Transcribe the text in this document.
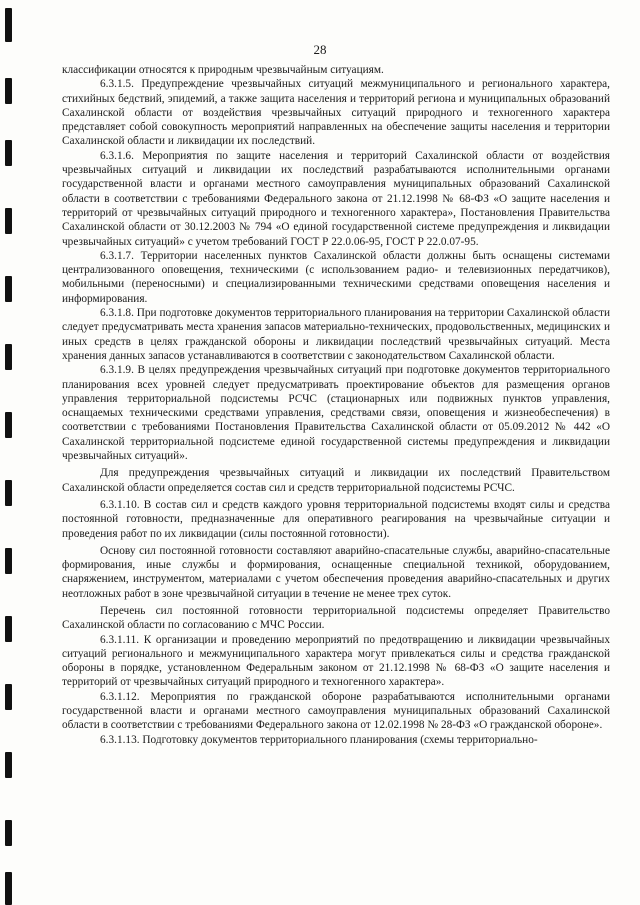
28

классификации относятся к природным чрезвычайным ситуациям.

6.3.1.5. Предупреждение чрезвычайных ситуаций межмуниципального и регионального характера, стихийных бедствий, эпидемий, а также защита населения и территорий региона и муниципальных образований Сахалинской области от воздействия чрезвычайных ситуаций природного и техногенного характера представляет собой совокупность мероприятий направленных на обеспечение защиты населения и территории Сахалинской области и ликвидации их последствий.

6.3.1.6. Мероприятия по защите населения и территорий Сахалинской области от воздействия чрезвычайных ситуаций и ликвидации их последствий разрабатываются исполнительными органами государственной власти и органами местного самоуправления муниципальных образований Сахалинской области в соответствии с требованиями Федерального закона от 21.12.1998 № 68-ФЗ «О защите населения и территорий от чрезвычайных ситуаций природного и техногенного характера», Постановления Правительства Сахалинской области от 30.12.2003 № 794 «О единой государственной системе предупреждения и ликвидации чрезвычайных ситуаций» с учетом требований ГОСТ Р 22.0.06-95, ГОСТ Р 22.0.07-95.

6.3.1.7. Территории населенных пунктов Сахалинской области должны быть оснащены системами централизованного оповещения, техническими (с использованием радио- и телевизионных передатчиков), мобильными (переносными) и специализированными техническими средствами оповещения населения и информирования.

6.3.1.8. При подготовке документов территориального планирования на территории Сахалинской области следует предусматривать места хранения запасов материально-технических, продовольственных, медицинских и иных средств в целях гражданской обороны и ликвидации последствий чрезвычайных ситуаций. Места хранения данных запасов устанавливаются в соответствии с законодательством Сахалинской области.

6.3.1.9. В целях предупреждения чрезвычайных ситуаций при подготовке документов территориального планирования всех уровней следует предусматривать проектирование объектов для размещения органов управления территориальной подсистемы РСЧС (стационарных или подвижных пунктов управления, оснащаемых техническими средствами управления, средствами связи, оповещения и жизнеобеспечения) в соответствии с требованиями Постановления Правительства Сахалинской области от 05.09.2012 № 442 «О Сахалинской территориальной подсистеме единой государственной системы предупреждения и ликвидации чрезвычайных ситуаций».

Для предупреждения чрезвычайных ситуаций и ликвидации их последствий Правительством Сахалинской области определяется состав сил и средств территориальной подсистемы РСЧС.

6.3.1.10. В состав сил и средств каждого уровня территориальной подсистемы входят силы и средства постоянной готовности, предназначенные для оперативного реагирования на чрезвычайные ситуации и проведения работ по их ликвидации (силы постоянной готовности).

Основу сил постоянной готовности составляют аварийно-спасательные службы, аварийно-спасательные формирования, иные службы и формирования, оснащенные специальной техникой, оборудованием, снаряжением, инструментом, материалами с учетом обеспечения проведения аварийно-спасательных и других неотложных работ в зоне чрезвычайной ситуации в течение не менее трех суток.

Перечень сил постоянной готовности территориальной подсистемы определяет Правительство Сахалинской области по согласованию с МЧС России.

6.3.1.11. К организации и проведению мероприятий по предотвращению и ликвидации чрезвычайных ситуаций регионального и межмуниципального характера могут привлекаться силы и средства гражданской обороны в порядке, установленном Федеральным законом от 21.12.1998 № 68-ФЗ «О защите населения и территорий от чрезвычайных ситуаций природного и техногенного характера».

6.3.1.12. Мероприятия по гражданской обороне разрабатываются исполнительными органами государственной власти и органами местного самоуправления муниципальных образований Сахалинской области в соответствии с требованиями Федерального закона от 12.02.1998 № 28-ФЗ «О гражданской обороне».

6.3.1.13. Подготовку документов территориального планирования (схемы территориально-
